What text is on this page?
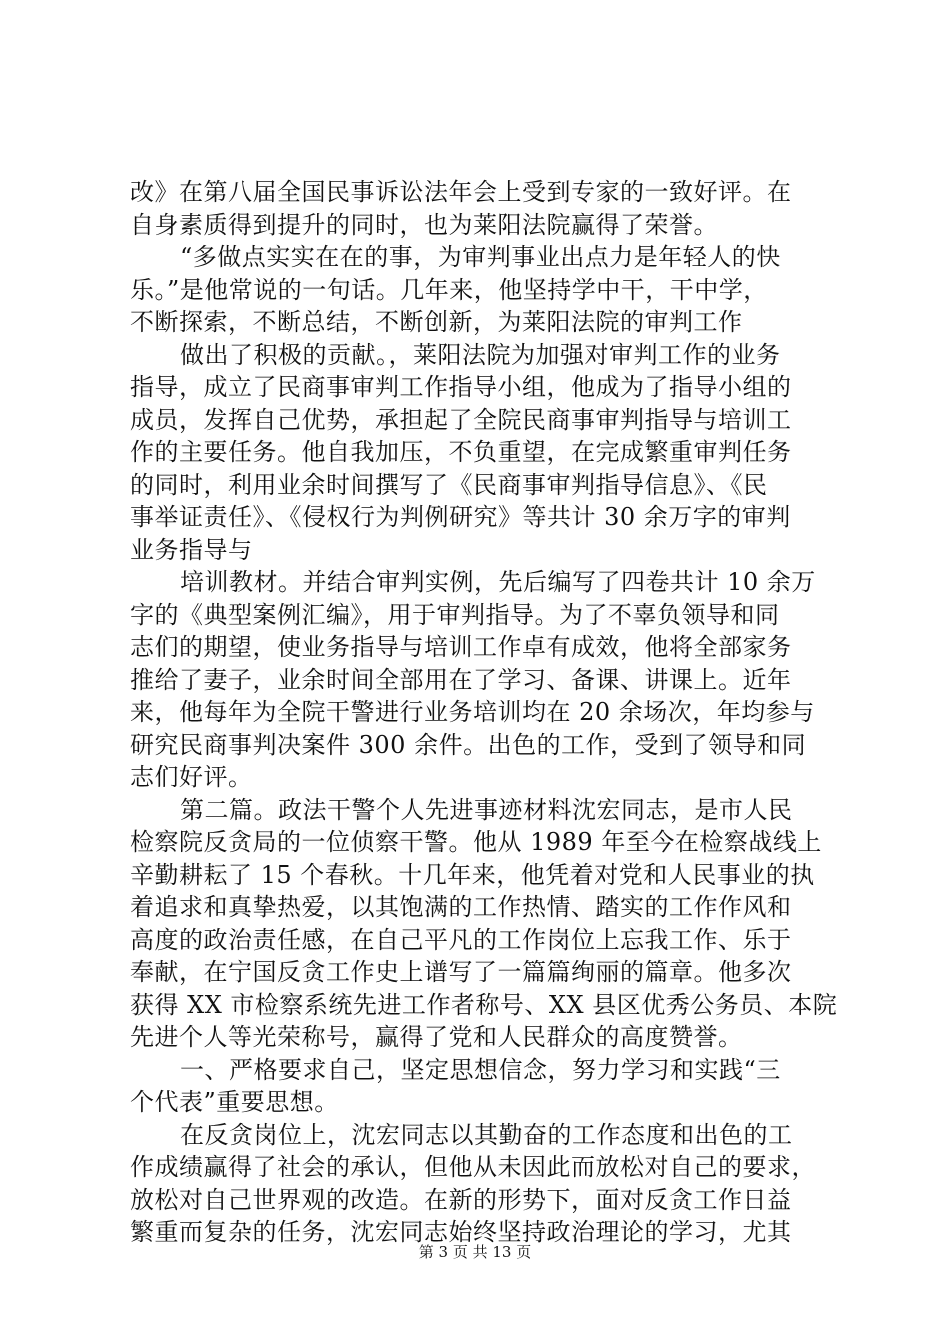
改》在第八届全国民事诉讼法年会上受到专家的一致好评。在
自身素质得到提升的同时，也为莱阳法院赢得了荣誉。
“多做点实实在在的事，为审判事业出点力是年轻人的快
乐。”是他常说的一句话。几年来，他坚持学中干，干中学，
不断探索，不断总结，不断创新，为莱阳法院的审判工作
做出了积极的贡献。，莱阳法院为加强对审判工作的业务
指导，成立了民商事审判工作指导小组，他成为了指导小组的
成员，发挥自己优势，承担起了全院民商事审判指导与培训工
作的主要任务。他自我加压，不负重望，在完成繁重审判任务
的同时，利用业余时间撰写了《民商事审判指导信息》、《民
事举证责任》、《侵权行为判例研究》等共计 30 余万字的审判
业务指导与
培训教材。并结合审判实例，先后编写了四卷共计 10 余万
字的《典型案例汇编》，用于审判指导。为了不辜负领导和同
志们的期望，使业务指导与培训工作卓有成效，他将全部家务
推给了妻子，业余时间全部用在了学习、备课、讲课上。近年
来，他每年为全院干警进行业务培训均在 20 余场次，年均参与
研究民商事判决案件 300 余件。出色的工作，受到了领导和同
志们好评。
第二篇。政法干警个人先进事迹材料沈宏同志，是市人民
检察院反贪局的一位侦察干警。他从 1989 年至今在检察战线上
辛勤耕耘了 15 个春秋。十几年来，他凭着对党和人民事业的执
着追求和真挚热爱，以其饱满的工作热情、踏实的工作作风和
高度的政治责任感，在自己平凡的工作岗位上忘我工作、乐于
奉献，在宁国反贪工作史上谱写了一篇篇绚丽的篇章。他多次
获得 XX 市检察系统先进工作者称号、XX 县区优秀公务员、本院
先进个人等光荣称号，赢得了党和人民群众的高度赞誉。
一、严格要求自己，坚定思想信念，努力学习和实践“三
个代表”重要思想。
在反贪岗位上，沈宏同志以其勤奋的工作态度和出色的工
作成绩赢得了社会的承认，但他从未因此而放松对自己的要求，
放松对自己世界观的改造。在新的形势下，面对反贪工作日益
繁重而复杂的任务，沈宏同志始终坚持政治理论的学习，尤其
第 3 页 共 13 页
